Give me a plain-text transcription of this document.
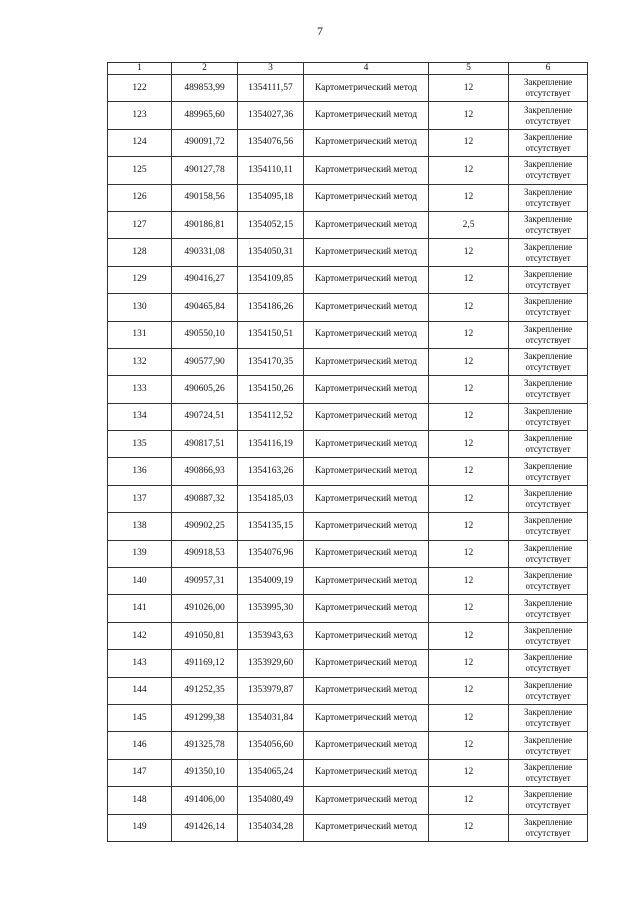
7
1	2	3	4	5	6
122	489853,99	1354111,57	Картометрический метод	12	Закрепление
отсутствует

123	489965,60	1354027,36	Картометрический метод	12	Закрепление
отсутствует

124	490091,72	1354076,56	Картометрический метод	12	Закрепление
отсутствует

125	490127,78	1354110,11	Картометрический метод	12	Закрепление
отсутствует

126	490158,56	1354095,18	Картометрический метод	12	Закрепление
отсутствует

127	490186,81	1354052,15	Картометрический метод	2,5	Закрепление
отсутствует

128	490331,08	1354050,31	Картометрический метод	12	Закрепление
отсутствует

129	490416,27	1354109,85	Картометрический метод	12	Закрепление
отсутствует

130	490465,84	1354186,26	Картометрический метод	12	Закрепление
отсутствует

131	490550,10	1354150,51	Картометрический метод	12	Закрепление
отсутствует

132	490577,90	1354170,35	Картометрический метод	12	Закрепление
отсутствует

133	490605,26	1354150,26	Картометрический метод	12	Закрепление
отсутствует

134	490724,51	1354112,52	Картометрический метод	12	Закрепление
отсутствует

135	490817,51	1354116,19	Картометрический метод	12	Закрепление
отсутствует

136	490866,93	1354163,26	Картометрический метод	12	Закрепление
отсутствует

137	490887,32	1354185,03	Картометрический метод	12	Закрепление
отсутствует

138	490902,25	1354135,15	Картометрический метод	12	Закрепление
отсутствует

139	490918,53	1354076,96	Картометрический метод	12	Закрепление
отсутствует

140	490957,31	1354009,19	Картометрический метод	12	Закрепление
отсутствует

141	491026,00	1353995,30	Картометрический метод	12	Закрепление
отсутствует

142	491050,81	1353943,63	Картометрический метод	12	Закрепление
отсутствует

143	491169,12	1353929,60	Картометрический метод	12	Закрепление
отсутствует

144	491252,35	1353979,87	Картометрический метод	12	Закрепление
отсутствует

145	491299,38	1354031,84	Картометрический метод	12	Закрепление
отсутствует

146	491325,78	1354056,60	Картометрический метод	12	Закрепление
отсутствует

147	491350,10	1354065,24	Картометрический метод	12	Закрепление
отсутствует

148	491406,00	1354080,49	Картометрический метод	12	Закрепление
отсутствует

149	491426,14	1354034,28	Картометрический метод	12	Закрепление
отсутствует
